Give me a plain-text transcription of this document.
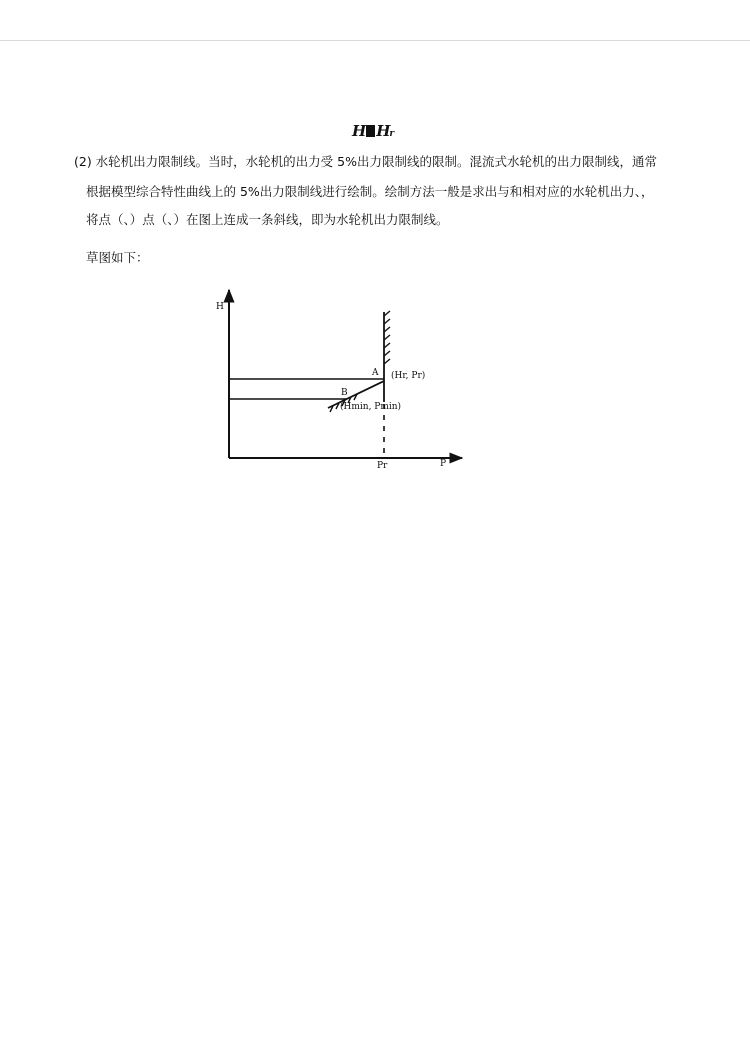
H Hr
(2) 水轮机出力限制线。当时，水轮机的出力受 5%出力限制线的限制。混流式水轮机的出力限制线，通常
根据模型综合特性曲线上的 5%出力限制线进行绘制。绘制方法一般是求出与和相对应的水轮机出力、，
将点（、）点（、）在图上连成一条斜线，即为水轮机出力限制线。
草图如下：
H
P
A
B
(Hr, Pr)
(Hmin, Pmin)
Pr
